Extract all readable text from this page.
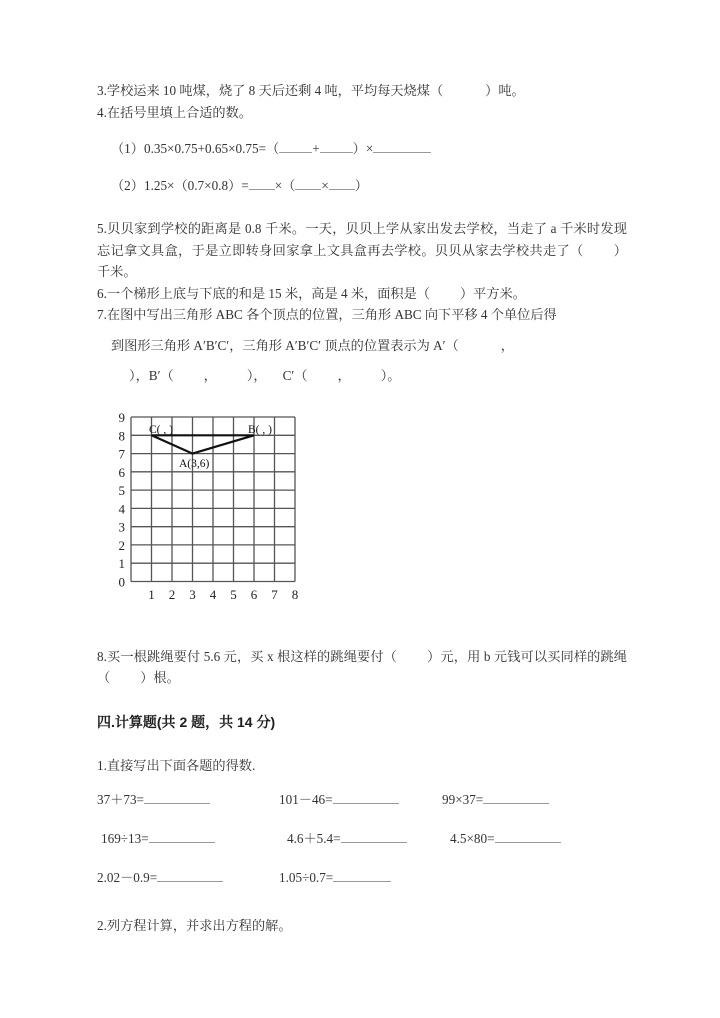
3.学校运来 10 吨煤，烧了 8 天后还剩 4 吨，平均每天烧煤（	）吨。
4.在括号里填上合适的数。
（1）0.35×0.75+0.65×0.75=（	+	）×
（2）1.25×（0.7×0.8）= ×（ × ）
5.贝贝家到学校的距离是 0.8 千米。一天，贝贝上学从家出发去学校，当走了 a 千米时发现忘记拿文具盒，于是立即转身回家拿上文具盒再去学校。贝贝从家去学校共走了（ ）千米。
6.一个梯形上底与下底的和是 15 米，高是 4 米，面积是（ ）平方米。
7.在图中写出三角形 ABC 各个顶点的位置，三角形 ABC 向下平移 4 个单位后得
到图形三角形 A′B′C′，三角形 A′B′C′ 顶点的位置表示为 A′（	，
），B′（ ， ）， C′（ ， ）。
9
8
7
6
5
4
3
2
1
0
1 2 3 4 5 6 7 8
C( , )	B( , )
A(3,6)
8.买一根跳绳要付 5.6 元，买 x 根这样的跳绳要付（ ）元，用 b 元钱可以买同样的跳绳（ ）根。
四.计算题(共 2 题，共 14 分)
1.直接写出下面各题的得数.
37＋73=	101－46=	99×37=
169÷13=	4.6＋5.4=	4.5×80=
2.02－0.9=	1.05÷0.7=
2.列方程计算，并求出方程的解。
